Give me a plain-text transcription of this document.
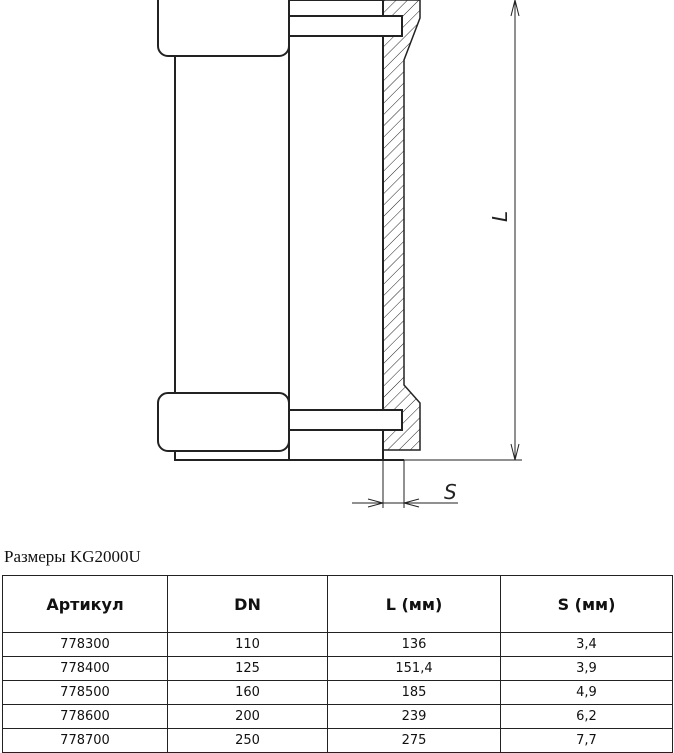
L
S
Размеры KG2000U
Артикул	DN	L (мм)	S (мм)
778300	110	136	3,4
778400	125	151,4	3,9
778500	160	185	4,9
778600	200	239	6,2
778700	250	275	7,7
